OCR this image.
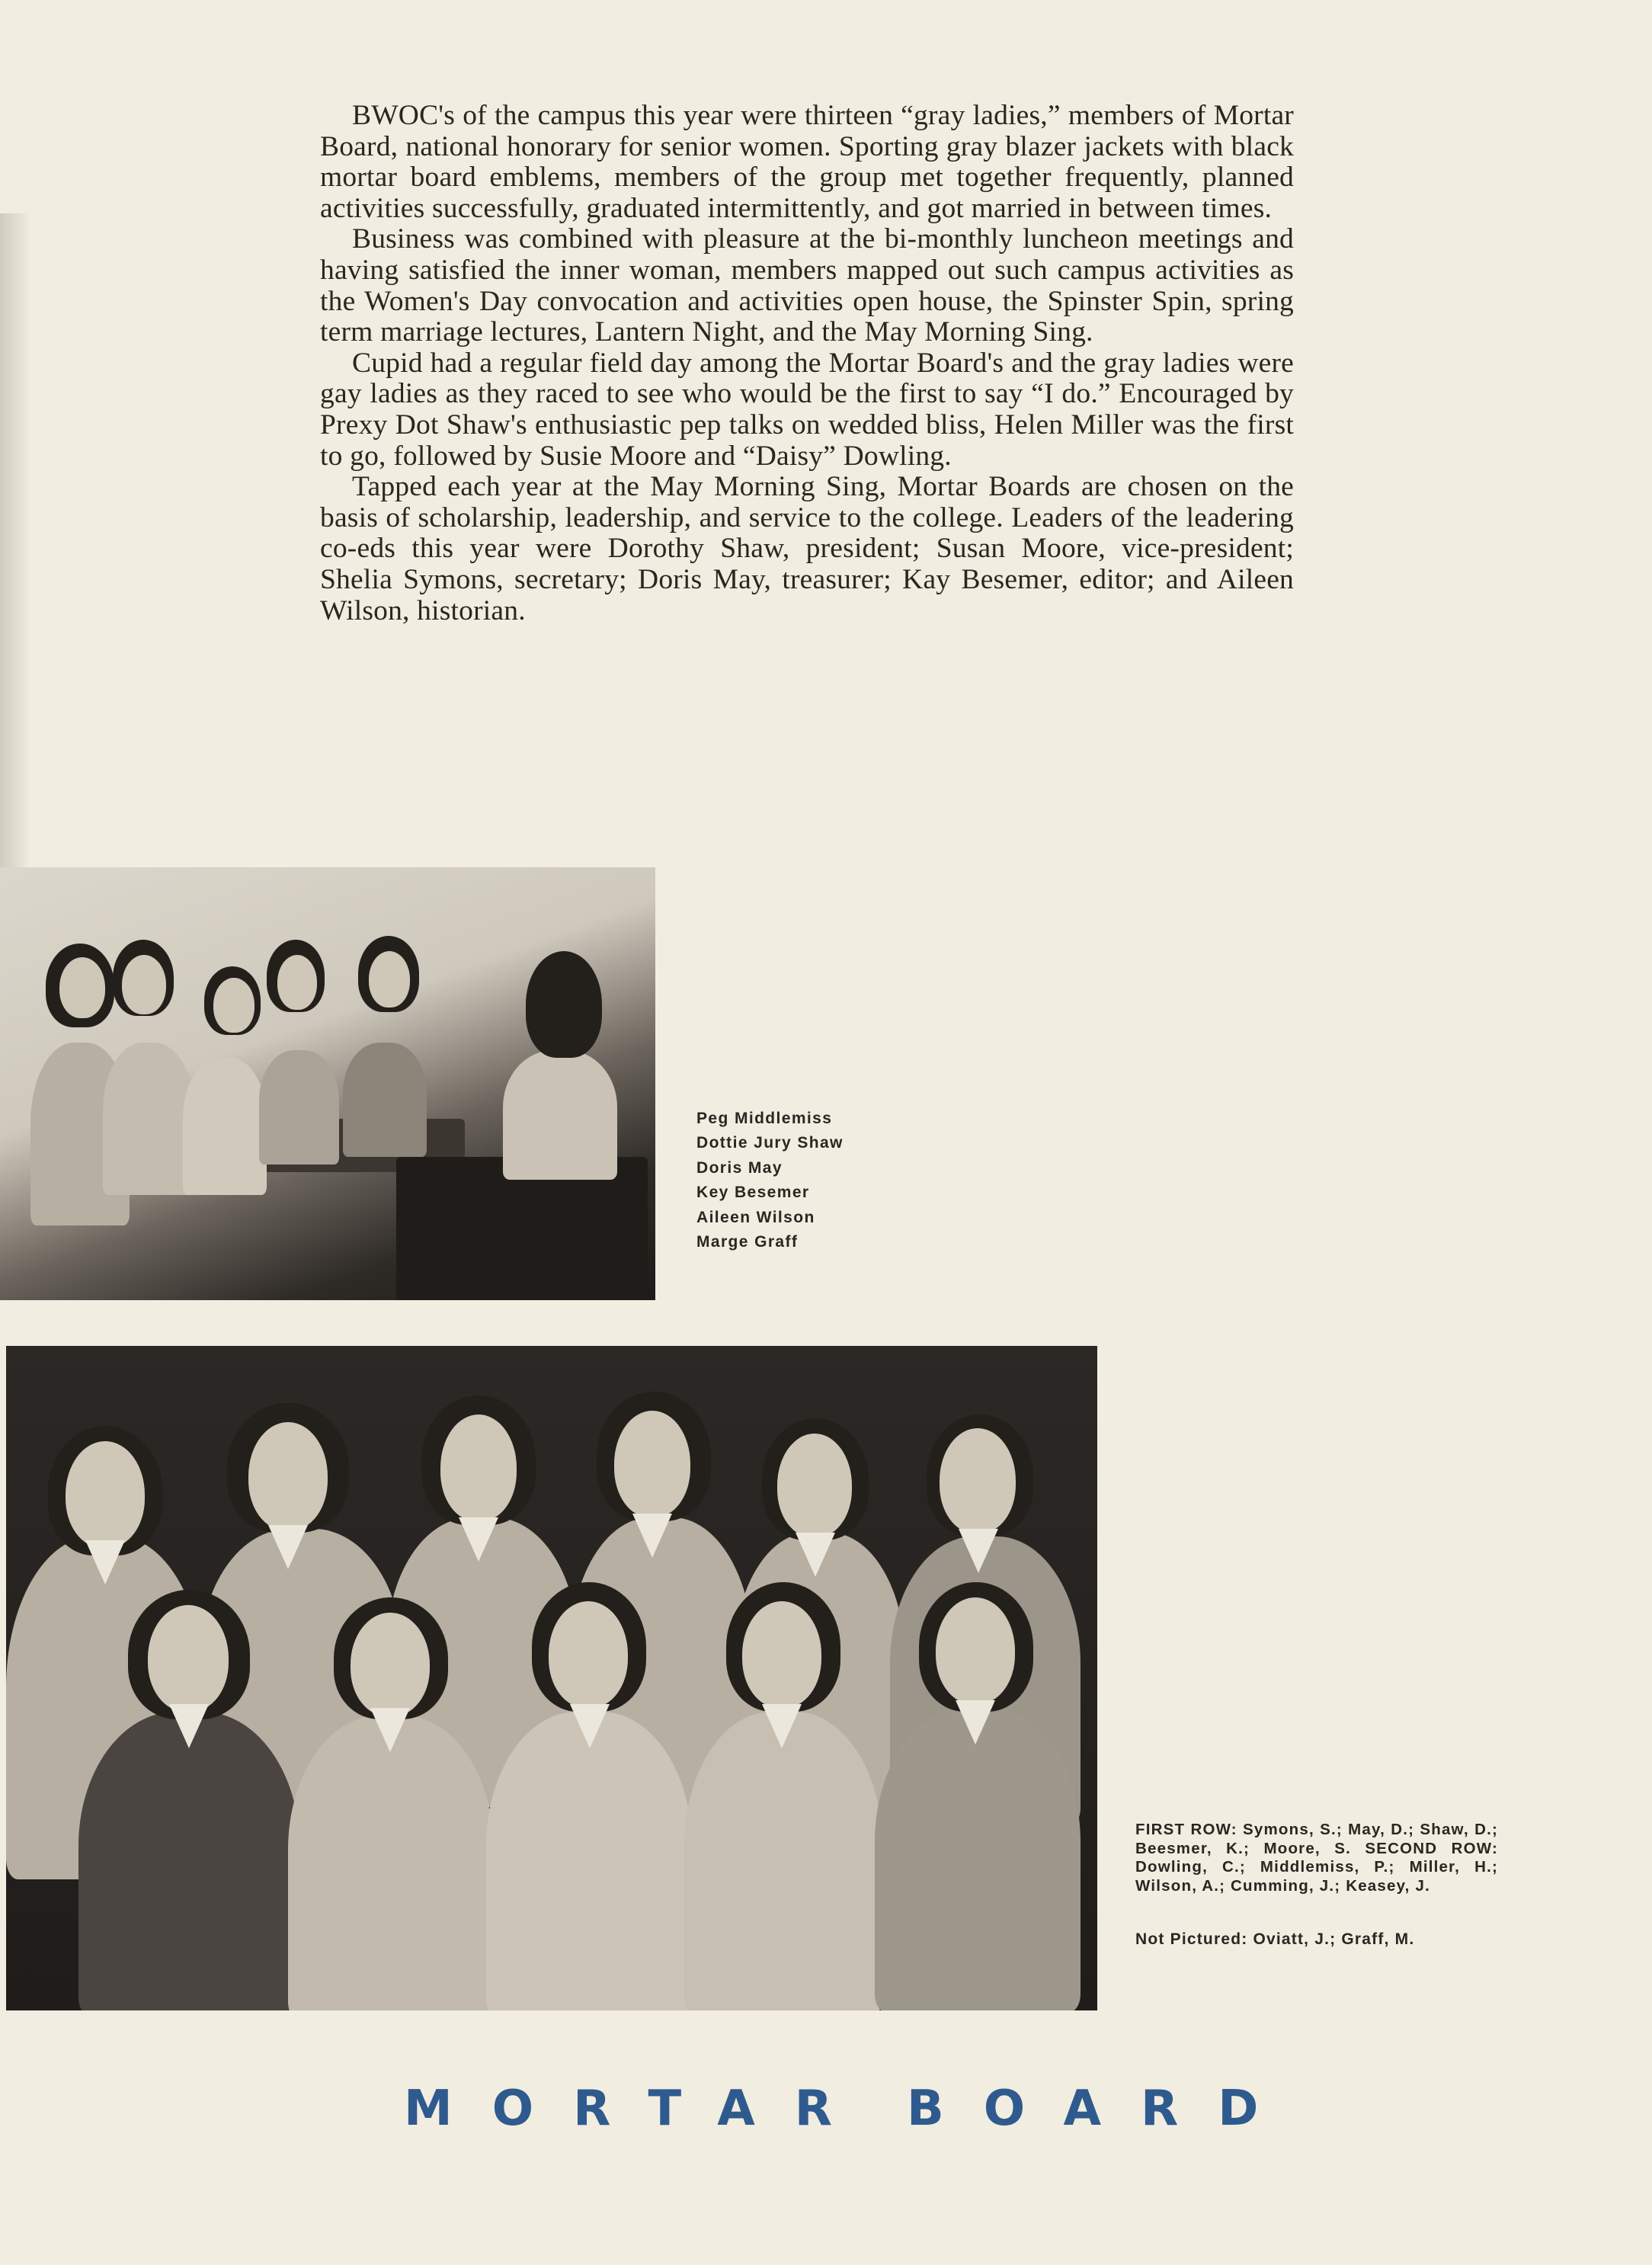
BWOC's of the campus this year were thirteen “gray ladies,” members of Mortar Board, national honorary for senior women. Sporting gray blazer jackets with black mortar board emblems, members of the group met together frequently, planned activities successfully, graduated intermittently, and got married in between times.

Business was combined with pleasure at the bi-monthly luncheon meetings and having satisfied the inner woman, members mapped out such campus activities as the Women's Day convocation and activities open house, the Spinster Spin, spring term marriage lectures, Lantern Night, and the May Morning Sing.

Cupid had a regular field day among the Mortar Board's and the gray ladies were gay ladies as they raced to see who would be the first to say “I do.” Encouraged by Prexy Dot Shaw's enthusiastic pep talks on wedded bliss, Helen Miller was the first to go, followed by Susie Moore and “Daisy” Dowling.

Tapped each year at the May Morning Sing, Mortar Boards are chosen on the basis of scholarship, leadership, and service to the college. Leaders of the leadering co-eds this year were Dorothy Shaw, president; Susan Moore, vice-president; Shelia Symons, secretary; Doris May, treasurer; Kay Besemer, editor; and Aileen Wilson, historian.

Peg Middlemiss
Dottie Jury Shaw
Doris May
Key Besemer
Aileen Wilson
Marge Graff
FIRST ROW: Symons, S.; May, D.; Shaw, D.; Beesmer, K.; Moore, S. SECOND ROW: Dowling, C.; Middlemiss, P.; Miller, H.; Wilson, A.; Cumming, J.; Keasey, J.
Not Pictured: Oviatt, J.; Graff, M.
MORTAR BOARD
